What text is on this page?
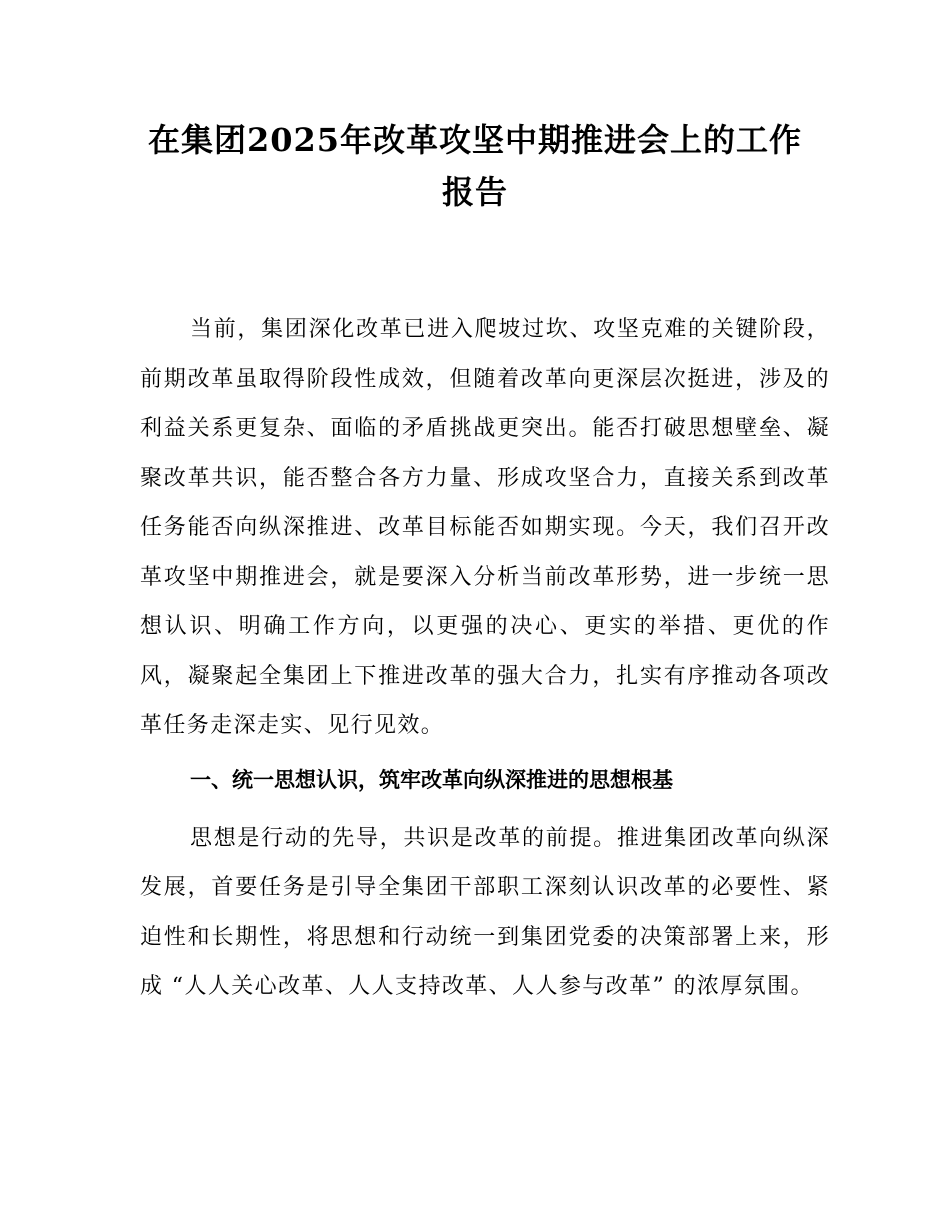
在集团2025年改革攻坚中期推进会上的工作
报告

当前，集团深化改革已进入爬坡过坎、攻坚克难的关键阶段，前期改革虽取得阶段性成效，但随着改革向更深层次挺进，涉及的利益关系更复杂、面临的矛盾挑战更突出。能否打破思想壁垒、凝聚改革共识，能否整合各方力量、形成攻坚合力，直接关系到改革任务能否向纵深推进、改革目标能否如期实现。今天，我们召开改革攻坚中期推进会，就是要深入分析当前改革形势，进一步统一思想认识、明确工作方向，以更强的决心、更实的举措、更优的作风，凝聚起全集团上下推进改革的强大合力，扎实有序推动各项改革任务走深走实、见行见效。

一、统一思想认识，筑牢改革向纵深推进的思想根基

思想是行动的先导，共识是改革的前提。推进集团改革向纵深发展，首要任务是引导全集团干部职工深刻认识改革的必要性、紧迫性和长期性，将思想和行动统一到集团党委的决策部署上来，形成 “人人关心改革、人人支持改革、人人参与改革” 的浓厚氛围。
